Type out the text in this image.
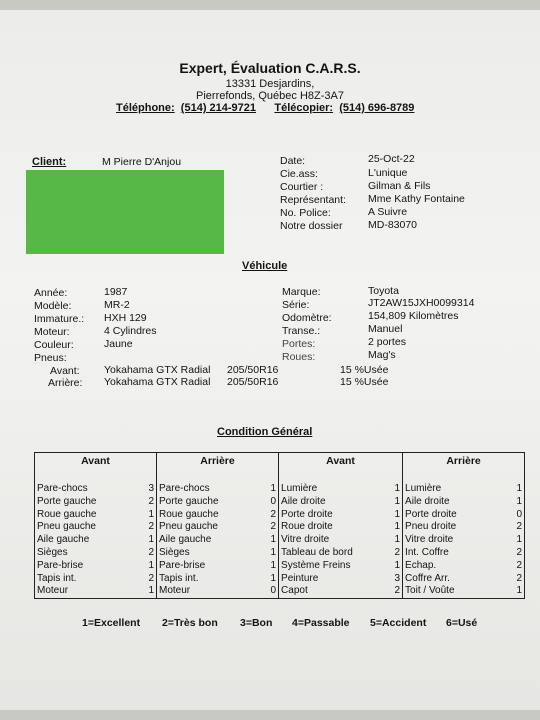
Expert, Évaluation C.A.R.S.
13331 Desjardins,
Pierrefonds, Québec H8Z-3A7
Téléphone: (514) 214-9721 Télécopier: (514) 696-8789
Client:	M Pierre D'Anjou	Date:	25-Oct-22
Cie.ass:	L'unique
Courtier :	Gilman & Fils
Représentant: Mme Kathy Fontaine
No. Police:	A Suivre
Notre dossier MD-83070
Véhicule
Année:	1987
Modèle:	MR-2
Immature.: HXH 129
Moteur:	4 Cylindres
Couleur:	Jaune
Pneus:
Marque:	Toyota
Série:	JT2AW15JXH0099314
Odomètre:	154,809 Kilomètres
Transe.:	Manuel
Portes:	2 portes
Roues:	Mag's
Avant: Yokahama GTX Radial 205/50R16	15 %Usée
Arrière: Yokahama GTX Radial 205/50R16	15 %Usée
Condition Général
Avant		Arrière		Avant		Arrière	
Pare-chocs	3	Pare-chocs	1	Lumière	1	Lumière	1
Porte gauche	2	Porte gauche	0	Aile droite	1	Aile droite	1
Roue gauche	1	Roue gauche	2	Porte droite	1	Porte droite	0
Pneu gauche	2	Pneu gauche	2	Roue droite	1	Pneu droite	2
Aile gauche	1	Aile gauche	1	Vitre droite	1	Vitre droite	1
Sièges	2	Sièges	1	Tableau de bord	2	Int. Coffre	2
Pare-brise	1	Pare-brise	1	Système Freins	1	Échap.	2
Tapis int.	2	Tapis int.	1	Peinture	3	Coffre Arr.	2
Moteur	1	Moteur	0	Capot	2	Toit / Voûte	1
1=Excellent 2=Très bon 3=Bon 4=Passable 5=Accident 6=Usé
